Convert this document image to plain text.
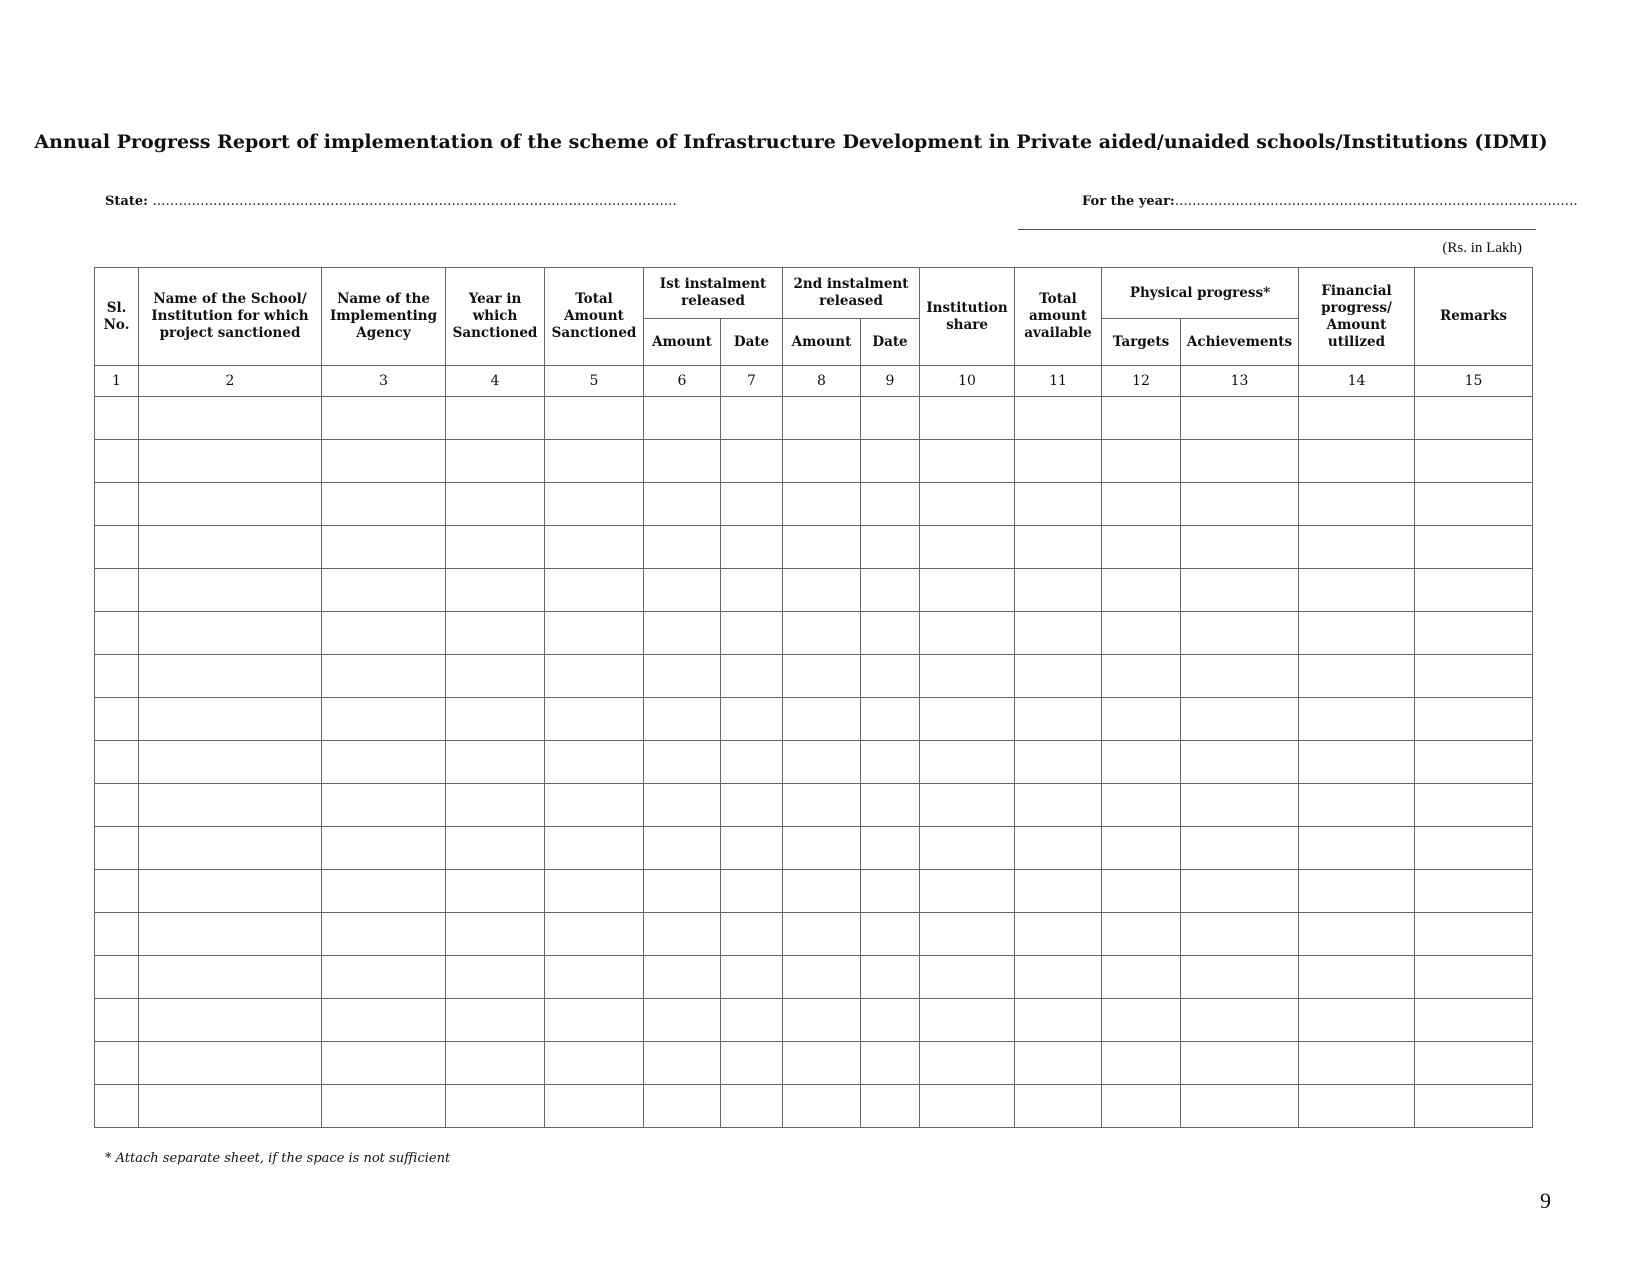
Annual Progress Report of implementation of the scheme of Infrastructure Development in Private aided/unaided schools/Institutions (IDMI)
State: ………………………………………………………………………………………………………….	For the year:…………………………………………………………………………………
(Rs. in Lakh)
Sl. No.	Name of the School/ Institution for which project sanctioned	Name of the Implementing Agency	Year in which Sanctioned	Total Amount Sanctioned	Ist instalment released		2nd instalment released		Institution share	Total amount available	Physical progress*		Financial progress/ Amount utilized	Remarks
					Amount	Date	Amount	Date			Targets	Achievements		
1	2	3	4	5	6	7	8	9	10	11	12	13	14	15

* Attach separate sheet, if the space is not sufficient
9
